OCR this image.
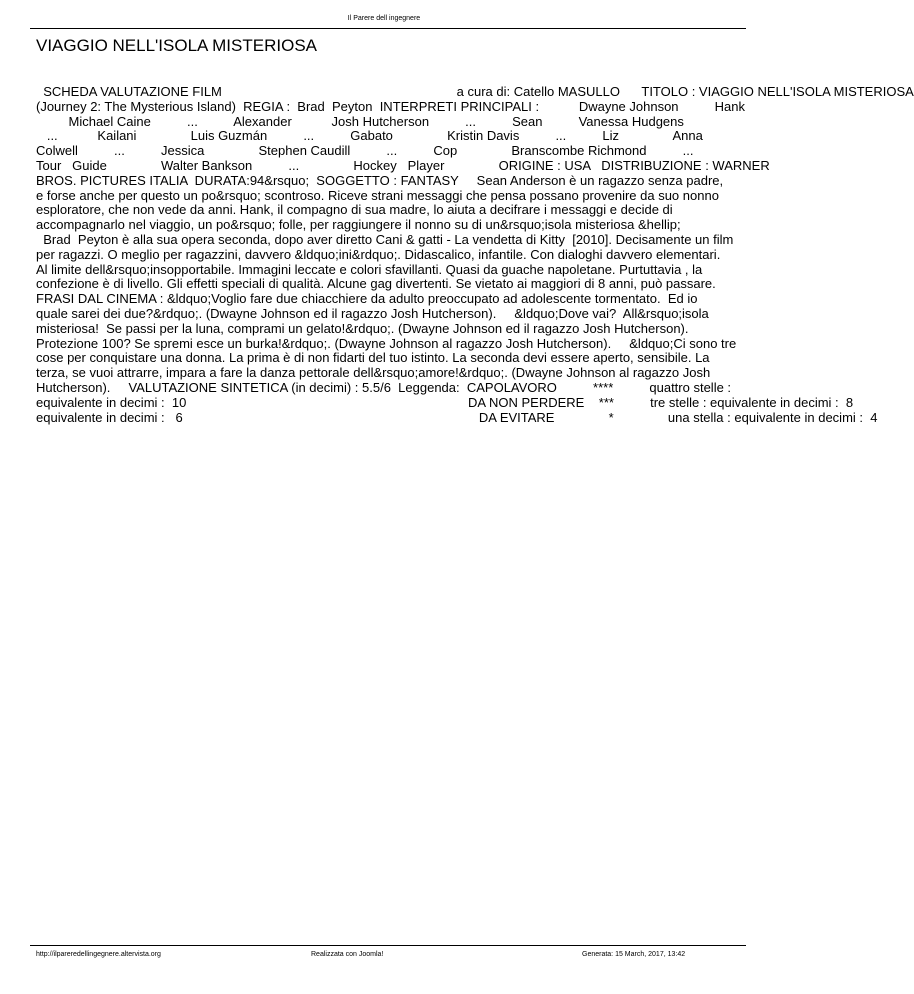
Il Parere dell ingegnere
VIAGGIO NELL'ISOLA MISTERIOSA
SCHEDA VALUTAZIONE FILM                                                                 a cura di: Catello MASULLO      TITOLO : VIAGGIO NELL'ISOLA MISTERIOSA
(Journey 2: The Mysterious Island)  REGIA :  Brad  Peyton  INTERPRETI PRINCIPALI :           Dwayne Johnson          Hank
Michael Caine          ...          Alexander           Josh Hutcherson          ...          Sean          Vanessa Hudgens
...           Kailani               Luis Guzmán          ...          Gabato               Kristin Davis          ...          Liz               Anna
Colwell          ...          Jessica               Stephen Caudill          ...          Cop               Branscombe Richmond          ...
Tour   Guide               Walter Bankson          ...               Hockey   Player               ORIGINE : USA   DISTRIBUZIONE : WARNER
BROS. PICTURES ITALIA  DURATA:94&rsquo;  SOGGETTO : FANTASY     Sean Anderson è un ragazzo senza padre,
e forse anche per questo un po&rsquo; scontroso. Riceve strani messaggi che pensa possano provenire da suo nonno
esploratore, che non vede da anni. Hank, il compagno di sua madre, lo aiuta a decifrare i messaggi e decide di
accompagnarlo nel viaggio, un po&rsquo; folle, per raggiungere il nonno su di un&rsquo;isola misteriosa &hellip;
Brad  Peyton è alla sua opera seconda, dopo aver diretto Cani & gatti - La vendetta di Kitty  [2010]. Decisamente un film
per ragazzi. O meglio per ragazzini, davvero &ldquo;ini&rdquo;. Didascalico, infantile. Con dialoghi davvero elementari.
Al limite dell&rsquo;insopportabile. Immagini leccate e colori sfavillanti. Quasi da guache napoletane. Purtuttavia , la
confezione è di livello. Gli effetti speciali di qualità. Alcune gag divertenti. Se vietato ai maggiori di 8 anni, può passare.
FRASI DAL CINEMA : &ldquo;Voglio fare due chiacchiere da adulto preoccupato ad adolescente tormentato.  Ed io
quale sarei dei due?&rdquo;. (Dwayne Johnson ed il ragazzo Josh Hutcherson).     &ldquo;Dove vai?  All&rsquo;isola
misteriosa!  Se passi per la luna, comprami un gelato!&rdquo;. (Dwayne Johnson ed il ragazzo Josh Hutcherson).
Protezione 100? Se spremi esce un burka!&rdquo;. (Dwayne Johnson al ragazzo Josh Hutcherson).     &ldquo;Ci sono tre
cose per conquistare una donna. La prima è di non fidarti del tuo istinto. La seconda devi essere aperto, sensibile. La
terza, se vuoi attrarre, impara a fare la danza pettorale dell&rsquo;amore!&rdquo;. (Dwayne Johnson al ragazzo Josh
Hutcherson).     VALUTAZIONE SINTETICA (in decimi) : 5.5/6  Leggenda:  CAPOLAVORO          ****          quattro stelle :
equivalente in decimi :  10                                                                              DA NON PERDERE    ***          tre stelle : equivalente in decimi :  8
equivalente in decimi :   6                                                                                  DA EVITARE               *               una stella : equivalente in decimi :  4
http://ilpareredellingegnere.altervista.org	Realizzata con Joomla!	Generata: 15 March, 2017, 13:42
